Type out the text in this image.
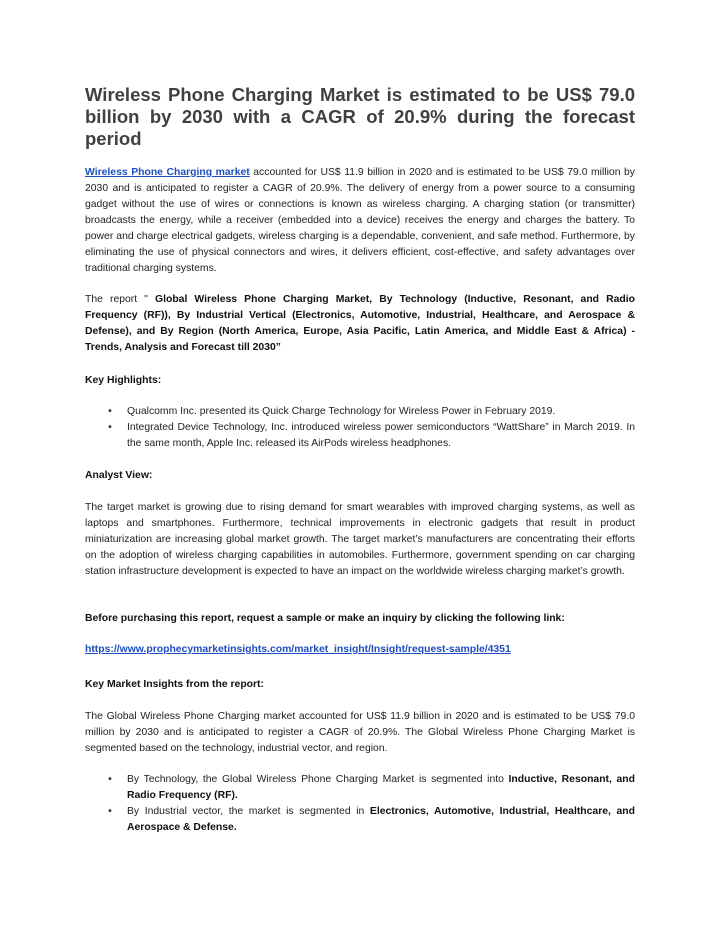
Wireless Phone Charging Market is estimated to be US$ 79.0 billion by 2030 with a CAGR of 20.9% during the forecast period

Wireless Phone Charging market accounted for US$ 11.9 billion in 2020 and is estimated to be US$ 79.0 million by 2030 and is anticipated to register a CAGR of 20.9%. The delivery of energy from a power source to a consuming gadget without the use of wires or connections is known as wireless charging. A charging station (or transmitter) broadcasts the energy, while a receiver (embedded into a device) receives the energy and charges the battery. To power and charge electrical gadgets, wireless charging is a dependable, convenient, and safe method. Furthermore, by eliminating the use of physical connectors and wires, it delivers efficient, cost-effective, and safety advantages over traditional charging systems.

The report " Global Wireless Phone Charging Market, By Technology (Inductive, Resonant, and Radio Frequency (RF)), By Industrial Vertical (Electronics, Automotive, Industrial, Healthcare, and Aerospace & Defense), and By Region (North America, Europe, Asia Pacific, Latin America, and Middle East & Africa) - Trends, Analysis and Forecast till 2030”

Key Highlights:

•	Qualcomm Inc. presented its Quick Charge Technology for Wireless Power in February 2019.
•	Integrated Device Technology, Inc. introduced wireless power semiconductors “WattShare” in March 2019. In the same month, Apple Inc. released its AirPods wireless headphones.

Analyst View:

The target market is growing due to rising demand for smart wearables with improved charging systems, as well as laptops and smartphones. Furthermore, technical improvements in electronic gadgets that result in product miniaturization are increasing global market growth. The target market’s manufacturers are concentrating their efforts on the adoption of wireless charging capabilities in automobiles. Furthermore, government spending on car charging station infrastructure development is expected to have an impact on the worldwide wireless charging market’s growth.

Before purchasing this report, request a sample or make an inquiry by clicking the following link:

https://www.prophecymarketinsights.com/market_insight/Insight/request-sample/4351

Key Market Insights from the report:

The Global Wireless Phone Charging market accounted for US$ 11.9 billion in 2020 and is estimated to be US$ 79.0 million by 2030 and is anticipated to register a CAGR of 20.9%. The Global Wireless Phone Charging Market is segmented based on the technology, industrial vector, and region.

•	By Technology, the Global Wireless Phone Charging Market is segmented into Inductive, Resonant, and Radio Frequency (RF).
•	By Industrial vector, the market is segmented in Electronics, Automotive, Industrial, Healthcare, and Aerospace & Defense.
